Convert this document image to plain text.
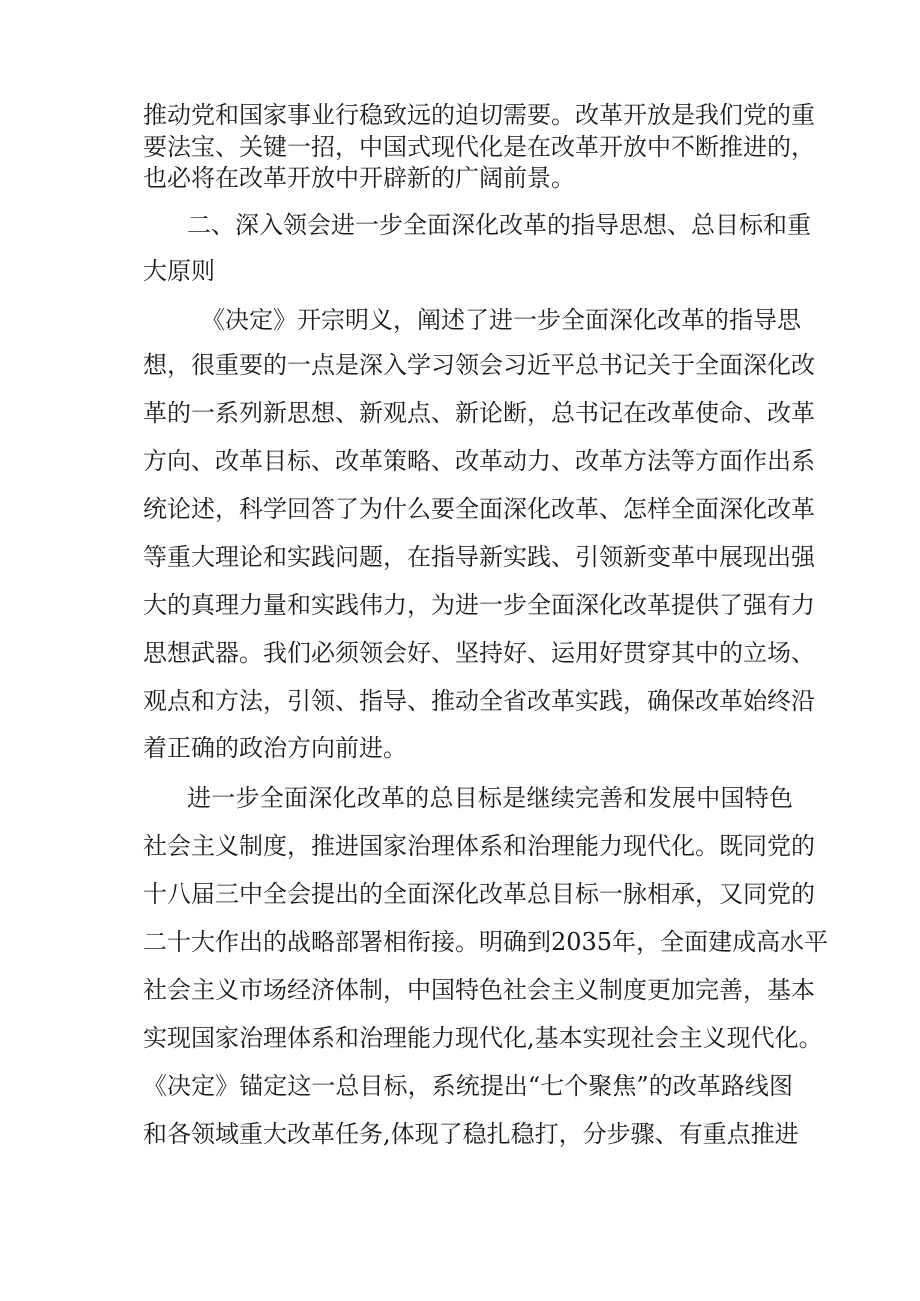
推动党和国家事业行稳致远的迫切需要。改革开放是我们党的重
要法宝、关键一招，中国式现代化是在改革开放中不断推进的，
也必将在改革开放中开辟新的广阔前景。
二、深入领会进一步全面深化改革的指导思想、总目标和重
大原则
《决定》开宗明义，阐述了进一步全面深化改革的指导思
想，很重要的一点是深入学习领会习近平总书记关于全面深化改
革的一系列新思想、新观点、新论断，总书记在改革使命、改革
方向、改革目标、改革策略、改革动力、改革方法等方面作出系
统论述，科学回答了为什么要全面深化改革、怎样全面深化改革
等重大理论和实践问题，在指导新实践、引领新变革中展现出强
大的真理力量和实践伟力，为进一步全面深化改革提供了强有力
思想武器。我们必须领会好、坚持好、运用好贯穿其中的立场、
观点和方法，引领、指导、推动全省改革实践，确保改革始终沿
着正确的政治方向前进。
进一步全面深化改革的总目标是继续完善和发展中国特色
社会主义制度，推进国家治理体系和治理能力现代化。既同党的
十八届三中全会提出的全面深化改革总目标一脉相承，又同党的
二十大作出的战略部署相衔接。明确到2035年，全面建成高水平
社会主义市场经济体制，中国特色社会主义制度更加完善，基本
实现国家治理体系和治理能力现代化,基本实现社会主义现代化。
《决定》锚定这一总目标，系统提出“七个聚焦”的改革路线图
和各领域重大改革任务,体现了稳扎稳打，分步骤、有重点推进
